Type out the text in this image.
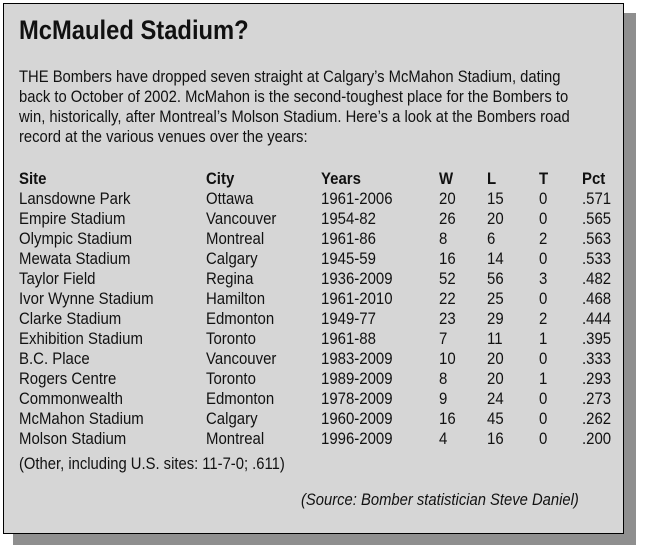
McMauled Stadium?

THE Bombers have dropped seven straight at Calgary’s McMahon Stadium, dating back to October of 2002. McMahon is the second-toughest place for the Bombers to win, historically, after Montreal’s Molson Stadium. Here’s a look at the Bombers road record at the various venues over the years:

Site	City	Years	W L	T Pct
Lansdowne Park	Ottawa	1961-2006	20 15 0 .571
Empire Stadium	Vancouver	1954-82	26 20 0 .565
Olympic Stadium	Montreal	1961-86	8 6	2 .563
Mewata Stadium	Calgary	1945-59	16 14 0 .533
Taylor Field	Regina	1936-2009	52 56 3 .482
Ivor Wynne Stadium	Hamilton	1961-2010	22 25 0 .468
Clarke Stadium	Edmonton	1949-77	23 29 2 .444
Exhibition Stadium	Toronto	1961-88	7 11 1 .395
B.C. Place	Vancouver	1983-2009	10 20 0 .333
Rogers Centre	Toronto	1989-2009	8 20 1 .293
Commonwealth	Edmonton	1978-2009	9 24 0 .273
McMahon Stadium	Calgary	1960-2009	16 45 0 .262
Molson Stadium	Montreal	1996-2009	4 16 0 .200

(Other, including U.S. sites: 11-7-0; .611)

(Source: Bomber statistician Steve Daniel)
